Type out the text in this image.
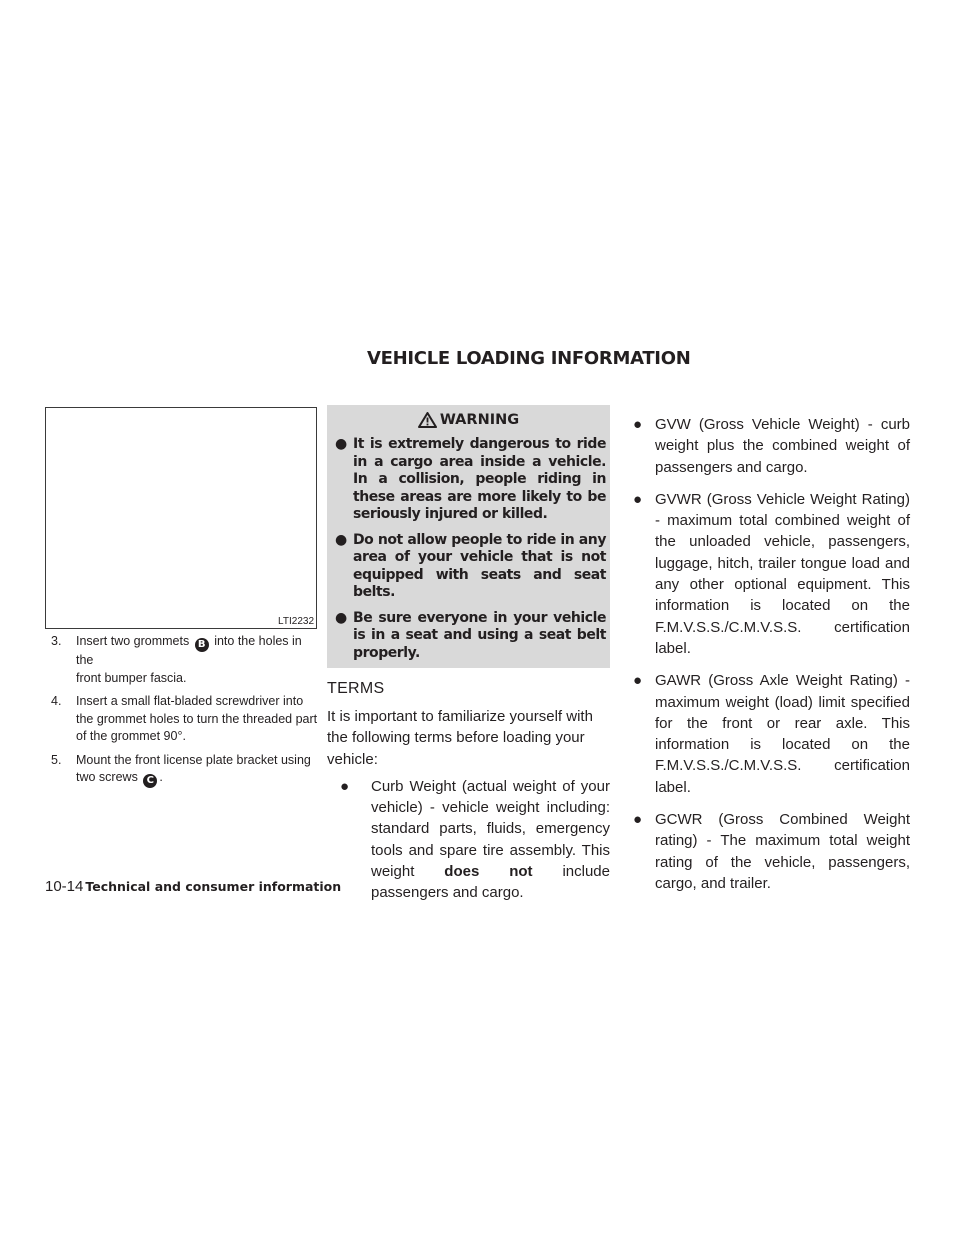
VEHICLE LOADING INFORMATION
LTI2232
3.	Insert two grommets B into the holes in the
front bumper fascia.
4.	Insert a small flat-bladed screwdriver into
the grommet holes to turn the threaded part
of the grommet 90°.
5.	Mount the front license plate bracket using
two screws C .
WARNING
● It is extremely dangerous to ride in a cargo area inside a vehicle. In a collision, people riding in these areas are more likely to be seriously injured or killed.
● Do not allow people to ride in any area of your vehicle that is not equipped with seats and seat belts.
● Be sure everyone in your vehicle is in a seat and using a seat belt properly.
TERMS

It is important to familiarize yourself with the following terms before loading your vehicle:

● Curb Weight (actual weight of your vehicle) - vehicle weight including: standard parts, fluids, emergency tools and spare tire assembly. This weight does not include passengers and cargo.
● GVW (Gross Vehicle Weight) - curb weight plus the combined weight of passengers and cargo.
● GVWR (Gross Vehicle Weight Rating) - maximum total combined weight of the unloaded vehicle, passengers, luggage, hitch, trailer tongue load and any other optional equipment. This information is located on the F.M.V.S.S./C.M.V.S.S. certification label.
● GAWR (Gross Axle Weight Rating) - maximum weight (load) limit specified for the front or rear axle. This information is located on the F.M.V.S.S./C.M.V.S.S. certification label.
● GCWR (Gross Combined Weight rating) - The maximum total weight rating of the vehicle, passengers, cargo, and trailer.
10-14 Technical and consumer information
